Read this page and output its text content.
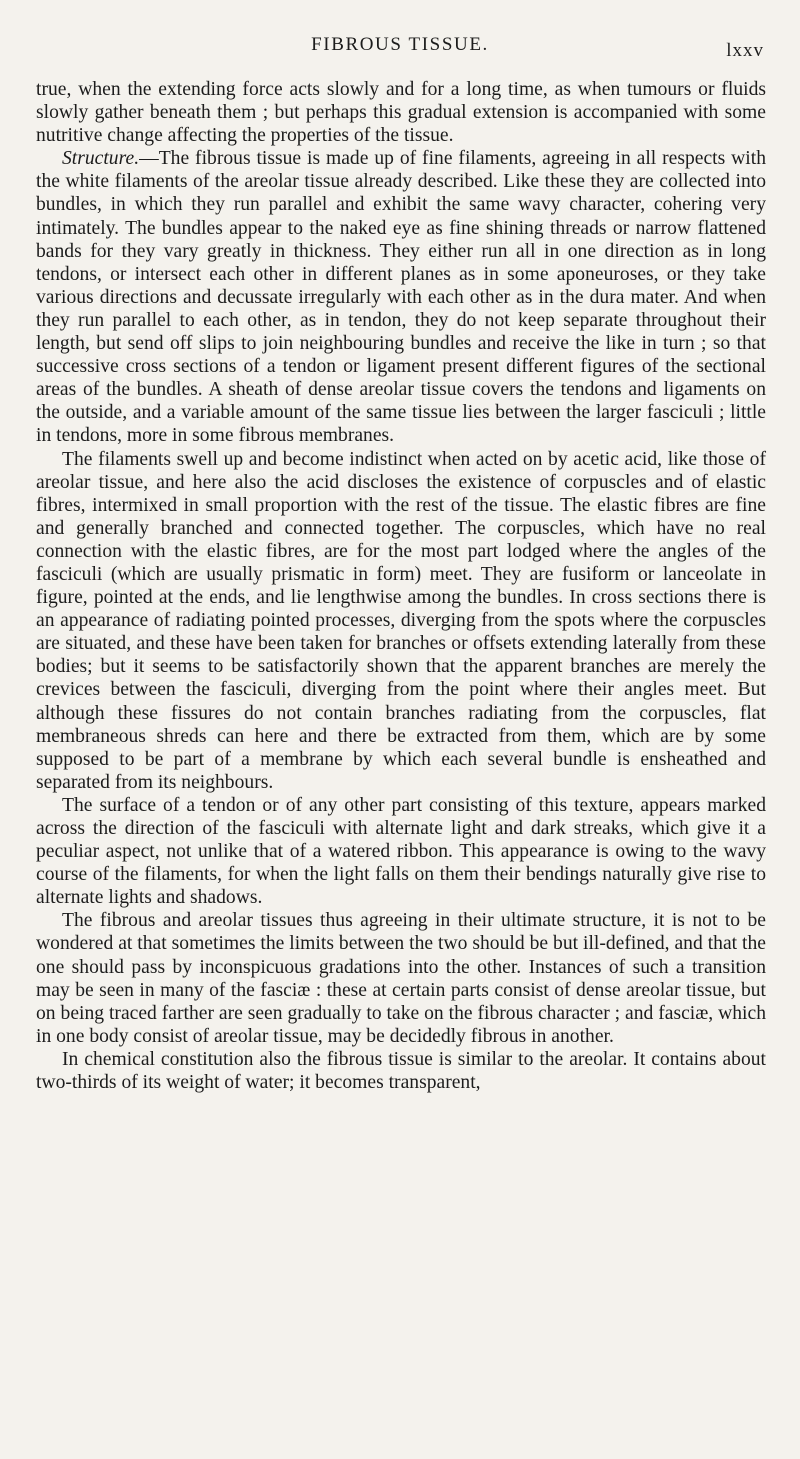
FIBROUS TISSUE.	lxxv

true, when the extending force acts slowly and for a long time, as when tumours or fluids slowly gather beneath them ; but perhaps this gradual extension is accompanied with some nutritive change affecting the properties of the tissue.

Structure.—The fibrous tissue is made up of fine filaments, agreeing in all respects with the white filaments of the areolar tissue already described. Like these they are collected into bundles, in which they run parallel and exhibit the same wavy character, cohering very intimately. The bundles appear to the naked eye as fine shining threads or narrow flattened bands for they vary greatly in thickness. They either run all in one direction as in long tendons, or intersect each other in different planes as in some aponeuroses, or they take various directions and decussate irregularly with each other as in the dura mater. And when they run parallel to each other, as in tendon, they do not keep separate throughout their length, but send off slips to join neighbouring bundles and receive the like in turn ; so that successive cross sections of a tendon or ligament present different figures of the sectional areas of the bundles. A sheath of dense areolar tissue covers the tendons and ligaments on the outside, and a variable amount of the same tissue lies between the larger fasciculi ; little in tendons, more in some fibrous membranes.

The filaments swell up and become indistinct when acted on by acetic acid, like those of areolar tissue, and here also the acid discloses the existence of corpuscles and of elastic fibres, intermixed in small proportion with the rest of the tissue. The elastic fibres are fine and generally branched and connected together. The corpuscles, which have no real connection with the elastic fibres, are for the most part lodged where the angles of the fasciculi (which are usually prismatic in form) meet. They are fusiform or lanceolate in figure, pointed at the ends, and lie lengthwise among the bundles. In cross sections there is an appearance of radiating pointed processes, diverging from the spots where the corpuscles are situated, and these have been taken for branches or offsets extending laterally from these bodies; but it seems to be satisfactorily shown that the apparent branches are merely the crevices between the fasciculi, diverging from the point where their angles meet. But although these fissures do not contain branches radiating from the corpuscles, flat membraneous shreds can here and there be extracted from them, which are by some supposed to be part of a membrane by which each several bundle is ensheathed and separated from its neighbours.

The surface of a tendon or of any other part consisting of this texture, appears marked across the direction of the fasciculi with alternate light and dark streaks, which give it a peculiar aspect, not unlike that of a watered ribbon. This appearance is owing to the wavy course of the filaments, for when the light falls on them their bendings naturally give rise to alternate lights and shadows.

The fibrous and areolar tissues thus agreeing in their ultimate structure, it is not to be wondered at that sometimes the limits between the two should be but ill-defined, and that the one should pass by inconspicuous gradations into the other. Instances of such a transition may be seen in many of the fasciæ : these at certain parts consist of dense areolar tissue, but on being traced farther are seen gradually to take on the fibrous character ; and fasciæ, which in one body consist of areolar tissue, may be decidedly fibrous in another.

In chemical constitution also the fibrous tissue is similar to the areolar. It contains about two-thirds of its weight of water; it becomes transparent,
